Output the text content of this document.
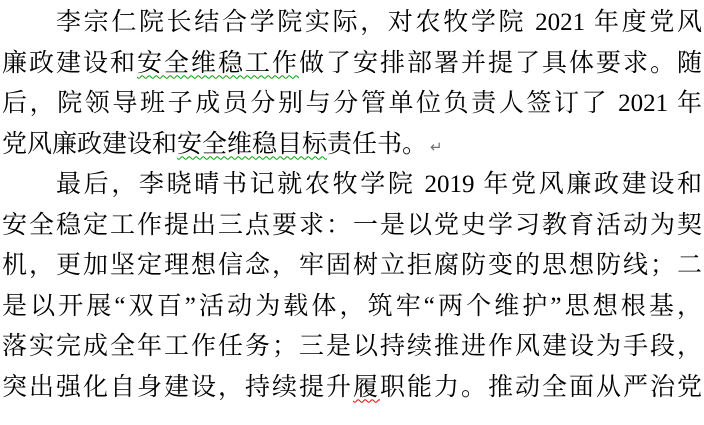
李宗仁院长结合学院实际，对农牧学院 2021 年度党风
廉政建设和安全维稳工作做了安排部署并提了具体要求。随
后，院领导班子成员分别与分管单位负责人签订了 2021 年
党风廉政建设和安全维稳目标责任书。 ↵
最后，李晓晴书记就农牧学院 2019 年党风廉政建设和
安全稳定工作提出三点要求：一是以党史学习教育活动为契
机，更加坚定理想信念，牢固树立拒腐防变的思想防线；二
是以开展“双百”活动为载体，筑牢“两个维护”思想根基，
落实完成全年工作任务；三是以持续推进作风建设为手段，
突出强化自身建设，持续提升履职能力。推动全面从严治党
